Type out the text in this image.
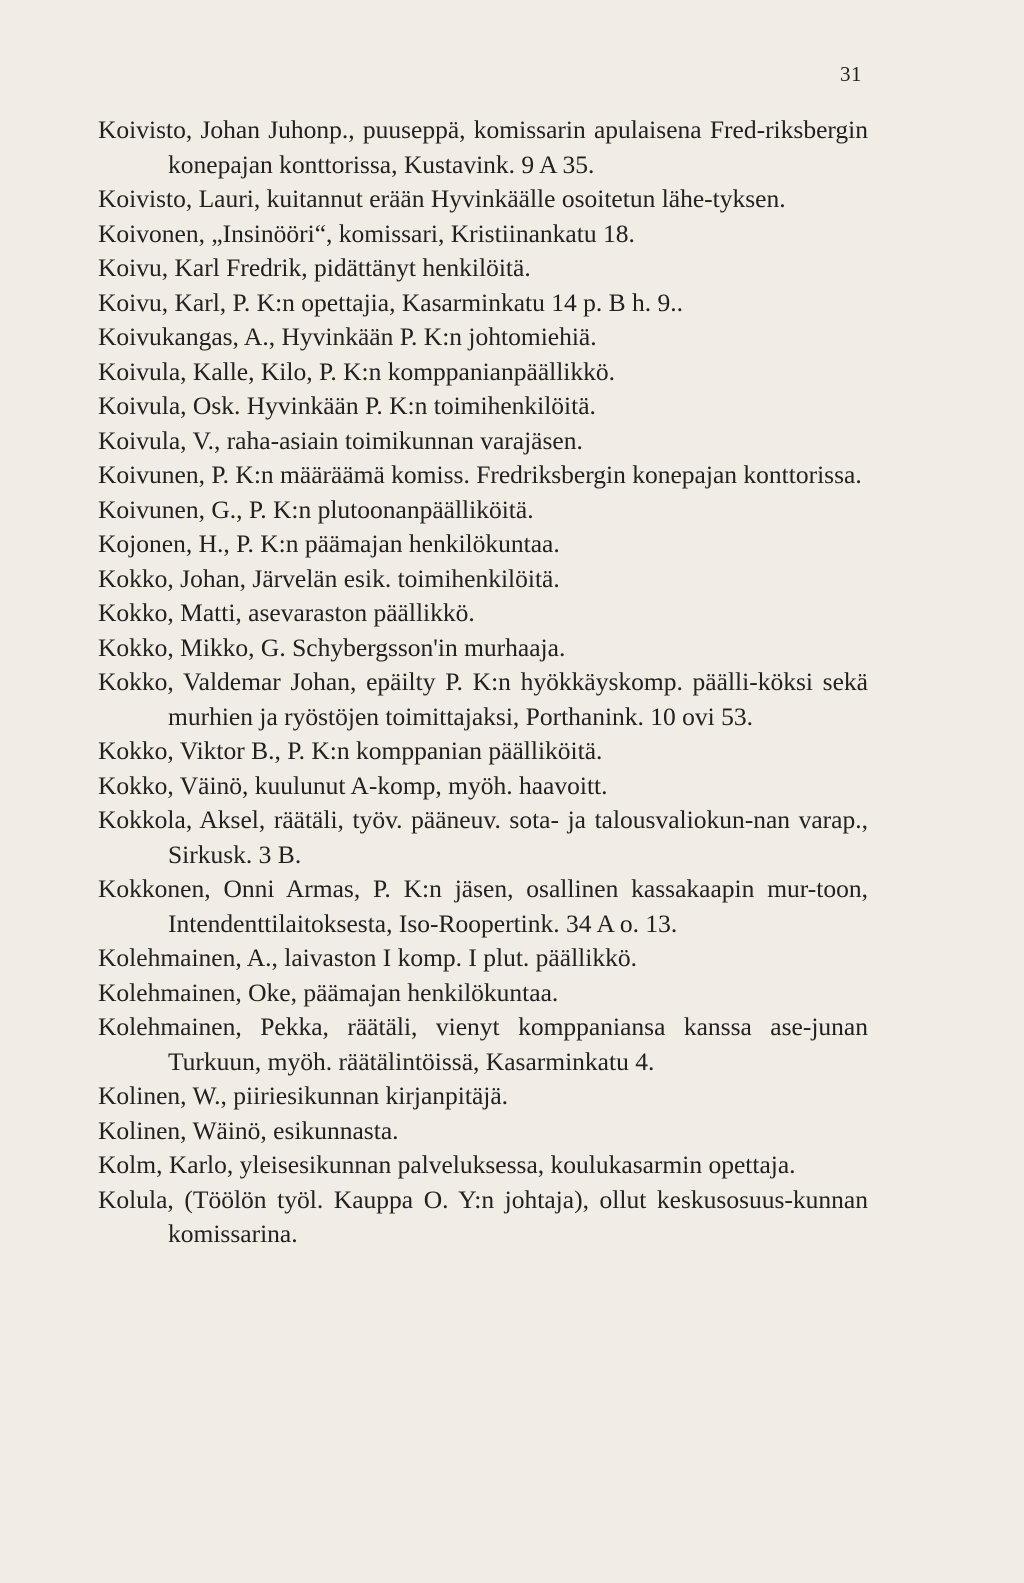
31
Koivisto, Johan Juhonp., puuseppä, komissarin apulaisena Fred-riksbergin konepajan konttorissa, Kustavink. 9 A 35.
Koivisto, Lauri, kuitannut erään Hyvinkäälle osoitetun lähe-tyksen.
Koivonen, „Insinööri“, komissari, Kristiinankatu 18.
Koivu, Karl Fredrik, pidättänyt henkilöitä.
Koivu, Karl, P. K:n opettajia, Kasarminkatu 14 p. B h. 9..
Koivukangas, A., Hyvinkään P. K:n johtomiehiä.
Koivula, Kalle, Kilo, P. K:n komppanianpäällikkö.
Koivula, Osk. Hyvinkään P. K:n toimihenkilöitä.
Koivula, V., raha-asiain toimikunnan varajäsen.
Koivunen, P. K:n määräämä komiss. Fredriksbergin konepajan konttorissa.
Koivunen, G., P. K:n plutoonanpäälliköitä.
Kojonen, H., P. K:n päämajan henkilökuntaa.
Kokko, Johan, Järvelän esik. toimihenkilöitä.
Kokko, Matti, asevaraston päällikkö.
Kokko, Mikko, G. Schybergsson'in murhaaja.
Kokko, Valdemar Johan, epäilty P. K:n hyökkäyskomp. päälli-köksi sekä murhien ja ryöstöjen toimittajaksi, Porthanink. 10 ovi 53.
Kokko, Viktor B., P. K:n komppanian päälliköitä.
Kokko, Väinö, kuulunut A-komp, myöh. haavoitt.
Kokkola, Aksel, räätäli, työv. pääneuv. sota- ja talousvaliokun-nan varap., Sirkusk. 3 B.
Kokkonen, Onni Armas, P. K:n jäsen, osallinen kassakaapin mur-toon, Intendenttilaitoksesta, Iso-Roopertink. 34 A o. 13.
Kolehmainen, A., laivaston I komp. I plut. päällikkö.
Kolehmainen, Oke, päämajan henkilökuntaa.
Kolehmainen, Pekka, räätäli, vienyt komppaniansa kanssa ase-junan Turkuun, myöh. räätälintöissä, Kasarminkatu 4.
Kolinen, W., piiriesikunnan kirjanpitäjä.
Kolinen, Wäinö, esikunnasta.
Kolm, Karlo, yleisesikunnan palveluksessa, koulukasarmin opettaja.
Kolula, (Töölön työl. Kauppa O. Y:n johtaja), ollut keskusosuus-kunnan komissarina.
